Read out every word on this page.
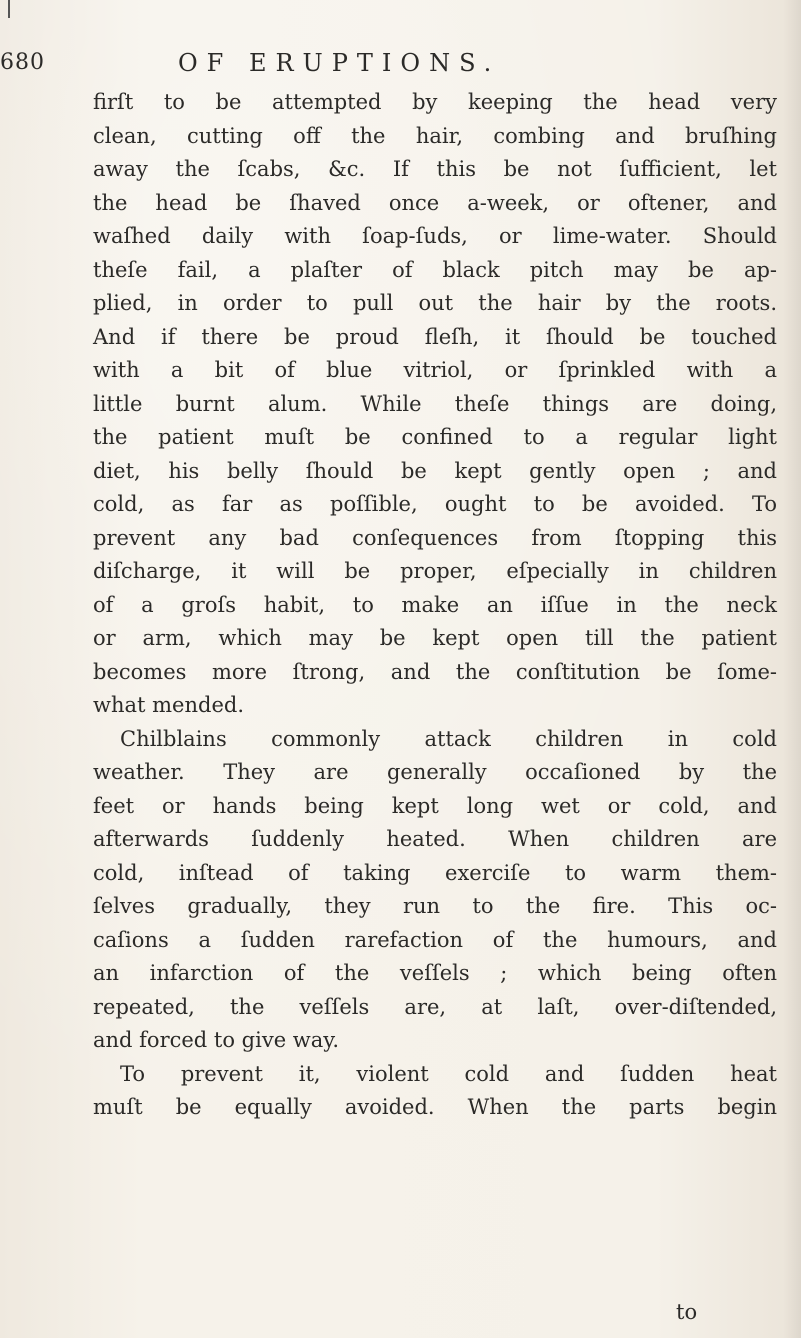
680	OF ERUPTIONS.
firſt to be attempted by keeping the head very
clean, cutting off the hair, combing and bruſhing
away the ſcabs, &c. If this be not ſufficient, let
the head be ſhaved once a-week, or oftener, and
waſhed daily with ſoap-ſuds, or lime-water. Should
theſe fail, a plaſter of black pitch may be ap-
plied, in order to pull out the hair by the roots.
And if there be proud fleſh, it ſhould be touched
with a bit of blue vitriol, or ſprinkled with a
little burnt alum. While theſe things are doing,
the patient muſt be confined to a regular light
diet, his belly ſhould be kept gently open ; and
cold, as far as poſſible, ought to be avoided. To
prevent any bad conſequences from ſtopping this
diſcharge, it will be proper, eſpecially in children
of a groſs habit, to make an iſſue in the neck
or arm, which may be kept open till the patient
becomes more ſtrong, and the conſtitution be ſome-
what mended.
Chilblains commonly attack children in cold
weather. They are generally occaſioned by the
feet or hands being kept long wet or cold, and
afterwards ſuddenly heated. When children are
cold, inſtead of taking exerciſe to warm them-
ſelves gradually, they run to the fire. This oc-
caſions a ſudden rarefaction of the humours, and
an infarction of the veſſels ; which being often
repeated, the veſſels are, at laſt, over-diſtended,
and forced to give way.
To prevent it, violent cold and ſudden heat
muſt be equally avoided. When the parts begin
to
